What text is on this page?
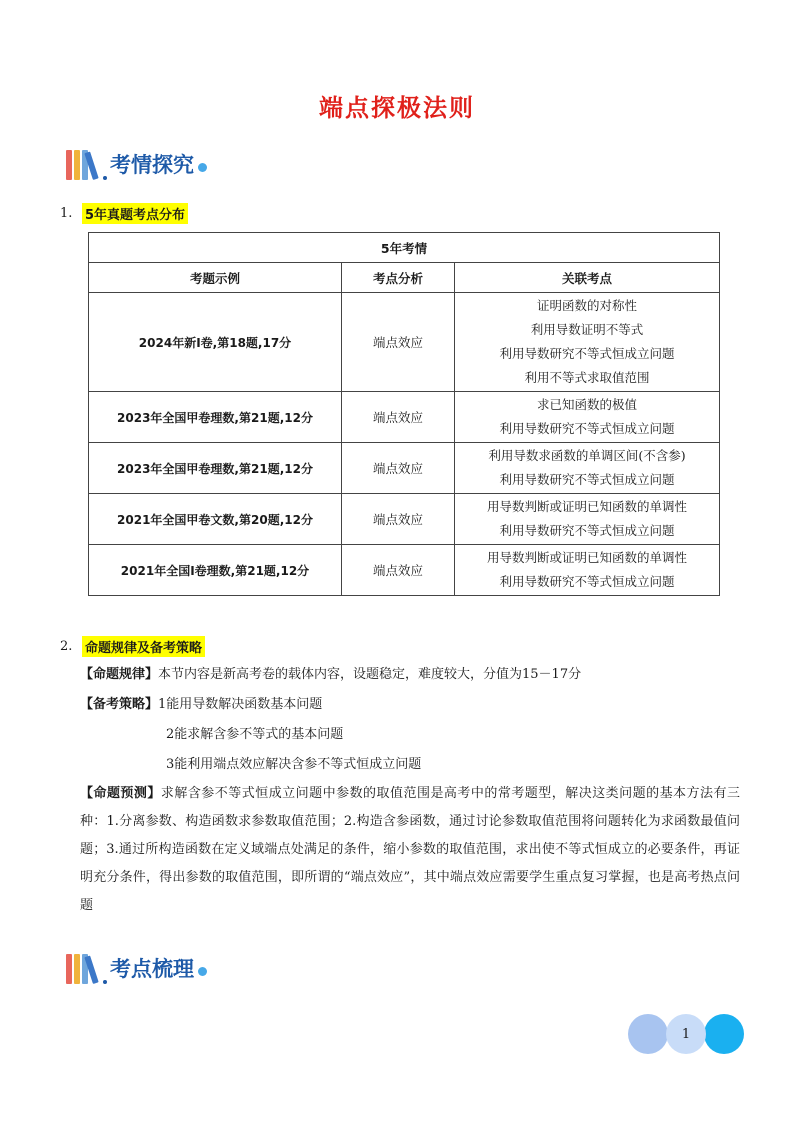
端点探极法则
考情探究
1. 5年真题考点分布
5年考情		
考题示例	考点分析	关联考点
2024年新I卷,第18题,17分	端点效应	证明函数的对称性
利用导数证明不等式
利用导数研究不等式恒成立问题
利用不等式求取值范围

2023年全国甲卷理数,第21题,12分	端点效应	求已知函数的极值
利用导数研究不等式恒成立问题

2023年全国甲卷理数,第21题,12分	端点效应	利用导数求函数的单调区间(不含参)
利用导数研究不等式恒成立问题

2021年全国甲卷文数,第20题,12分	端点效应	用导数判断或证明已知函数的单调性
利用导数研究不等式恒成立问题

2021年全国I卷理数,第21题,12分	端点效应	用导数判断或证明已知函数的单调性
利用导数研究不等式恒成立问题
2. 命题规律及备考策略
【命题规律】本节内容是新高考卷的载体内容，设题稳定，难度较大，分值为15－17分
【备考策略】1能用导数解决函数基本问题
2能求解含参不等式的基本问题
3能利用端点效应解决含参不等式恒成立问题
【命题预测】求解含参不等式恒成立问题中参数的取值范围是高考中的常考题型，解决这类问题的基本方法有三种：1.分离参数、构造函数求参数取值范围；2.构造含参函数，通过讨论参数取值范围将问题转化为求函数最值问题；3.通过所构造函数在定义域端点处满足的条件，缩小参数的取值范围，求出使不等式恒成立的必要条件，再证明充分条件，得出参数的取值范围，即所谓的“端点效应”，其中端点效应需要学生重点复习掌握，也是高考热点问题
考点梳理
1
